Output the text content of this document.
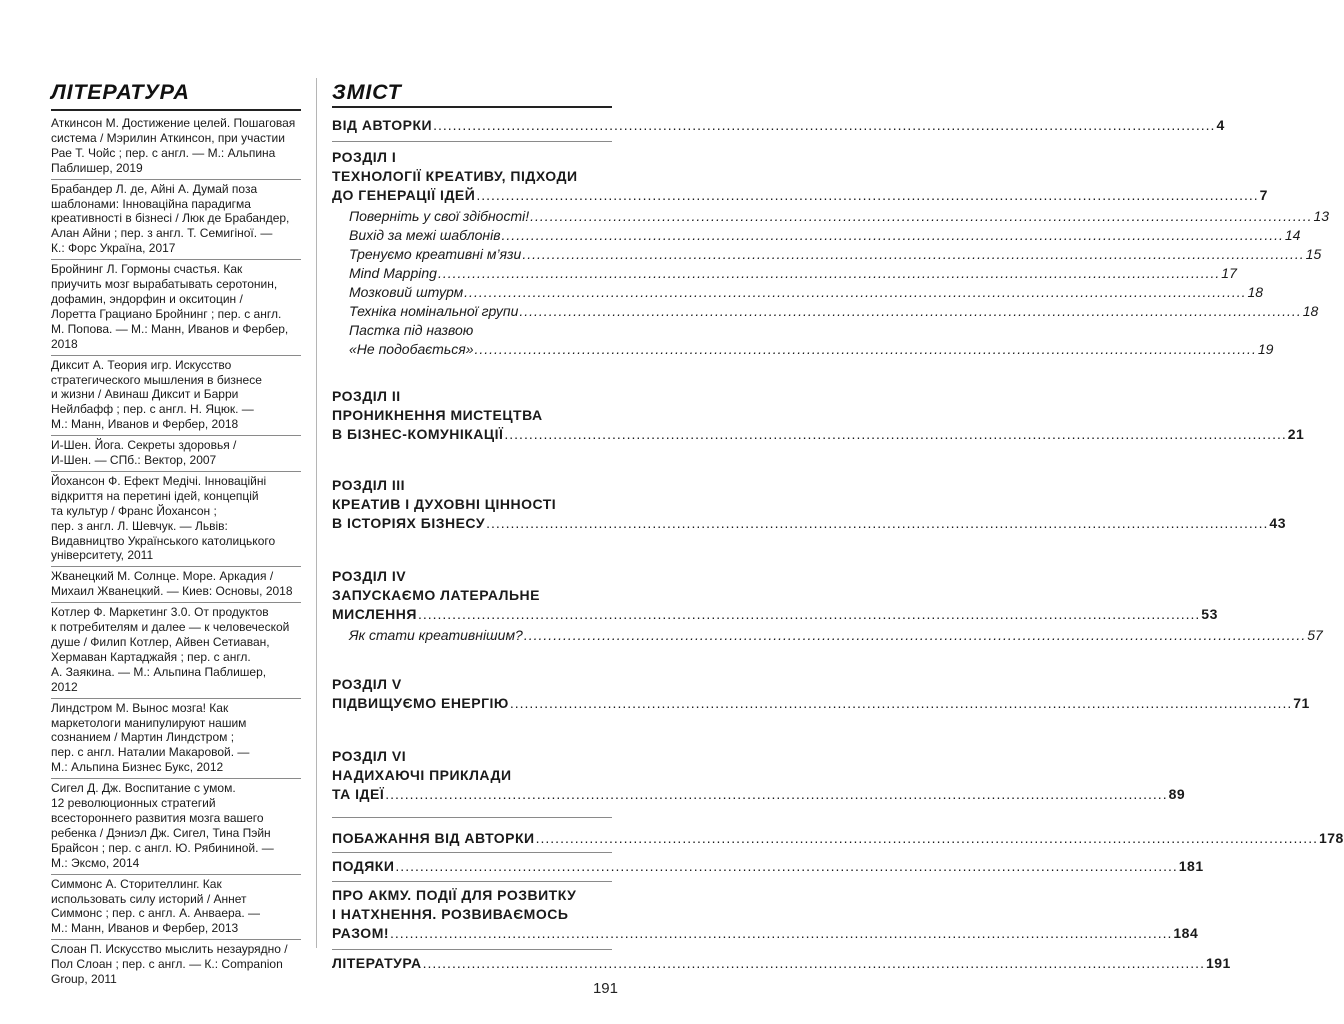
ЛІТЕРАТУРА
Аткинсон М. Достижение целей. Пошаговая
система / Мэрилин Аткинсон, при участии
Рае Т. Чойс ; пер. с англ. — М.: Альпина
Паблишер, 2019
Брабандер Л. де, Айні А. Думай поза
шаблонами: Інноваційна парадигма
креативності в бізнесі / Люк де Брабандер,
Алан Айни ; пер. з англ. Т. Семигіної. —
К.: Форс Україна, 2017
Бройнинг Л. Гормоны счастья. Как
приучить мозг вырабатывать серотонин,
дофамин, эндорфин и окситоцин /
Лоретта Грациано Бройнинг ; пер. с англ.
М. Попова. — М.: Манн, Иванов и Фербер,
2018
Диксит А. Теория игр. Искусство
стратегического мышления в бизнесе
и жизни / Авинаш Диксит и Барри
Нейлбафф ; пер. с англ. Н. Яцюк. —
М.: Манн, Иванов и Фербер, 2018
И-Шен. Йога. Секреты здоровья /
И-Шен. — СПб.: Вектор, 2007
Йохансон Ф. Ефект Медічі. Інноваційні
відкриття на перетині ідей, концепцій
та культур / Франс Йохансон ;
пер. з англ. Л. Шевчук. — Львів:
Видавництво Українського католицького
університету, 2011
Жванецкий М. Солнце. Море. Аркадия /
Михаил Жванецкий. — Киев: Основы, 2018
Котлер Ф. Маркетинг 3.0. От продуктов
к потребителям и далее — к человеческой
душе / Филип Котлер, Айвен Сетиаван,
Хермаван Картаджайя ; пер. с англ.
А. Заякина. — М.: Альпина Паблишер,
2012
Линдстром М. Вынос мозга! Как
маркетологи манипулируют нашим
сознанием / Мартин Линдстром ;
пер. с англ. Наталии Макаровой. —
М.: Альпина Бизнес Букс, 2012
Сигел Д. Дж. Воспитание с умом.
12 революционных стратегий
всестороннего развития мозга вашего
ребенка / Дэниэл Дж. Сигел, Тина Пэйн
Брайсон ; пер. с англ. Ю. Рябининой. —
М.: Эксмо, 2014
Симмонс А. Сторителлинг. Как
использовать силу историй / Аннет
Симмонс ; пер. с англ. А. Анваера. —
М.: Манн, Иванов и Фербер, 2013
Слоан П. Искусство мыслить незаурядно /
Пол Слоан ; пер. с англ. — К.: Companion
Group, 2011
ЗМІСТ
ВІД АВТОРКИ ................................................................................................................................................................ 4
РОЗДІЛ І
ТЕХНОЛОГІЇ КРЕАТИВУ, ПІДХОДИ
ДО ГЕНЕРАЦІЇ ІДЕЙ ................................................................................................................................................................ 7
Поверніть у свої здібності! ................................................................................................................................................................ 13
Вихід за межі шаблонів ................................................................................................................................................................ 14
Тренуємо креативні м’язи ................................................................................................................................................................ 15
Mind Mapping ................................................................................................................................................................ 17
Мозковий штурм ................................................................................................................................................................ 18
Техніка номінальної групи ................................................................................................................................................................ 18
Пастка під назвою
«Не подобається» ................................................................................................................................................................ 19
РОЗДІЛ ІІ
ПРОНИКНЕННЯ МИСТЕЦТВА
В БІЗНЕС-КОМУНІКАЦІЇ ................................................................................................................................................................ 21
РОЗДІЛ ІІІ
КРЕАТИВ І ДУХОВНІ ЦІННОСТІ
В ІСТОРІЯХ БІЗНЕСУ ................................................................................................................................................................ 43
РОЗДІЛ IV
ЗАПУСКАЄМО ЛАТЕРАЛЬНЕ
МИСЛЕННЯ ................................................................................................................................................................ 53
Як стати креативнішим? ................................................................................................................................................................ 57
РОЗДІЛ V
ПІДВИЩУЄМО ЕНЕРГІЮ ................................................................................................................................................................ 71
РОЗДІЛ VI
НАДИХАЮЧІ ПРИКЛАДИ
ТА ІДЕЇ ................................................................................................................................................................ 89
ПОБАЖАННЯ ВІД АВТОРКИ ................................................................................................................................................................ 178
ПОДЯКИ ................................................................................................................................................................ 181
ПРО АКМУ. ПОДІЇ ДЛЯ РОЗВИТКУ
І НАТХНЕННЯ. РОЗВИВАЄМОСЬ
РАЗОМ! ................................................................................................................................................................ 184
ЛІТЕРАТУРА ................................................................................................................................................................ 191
191
